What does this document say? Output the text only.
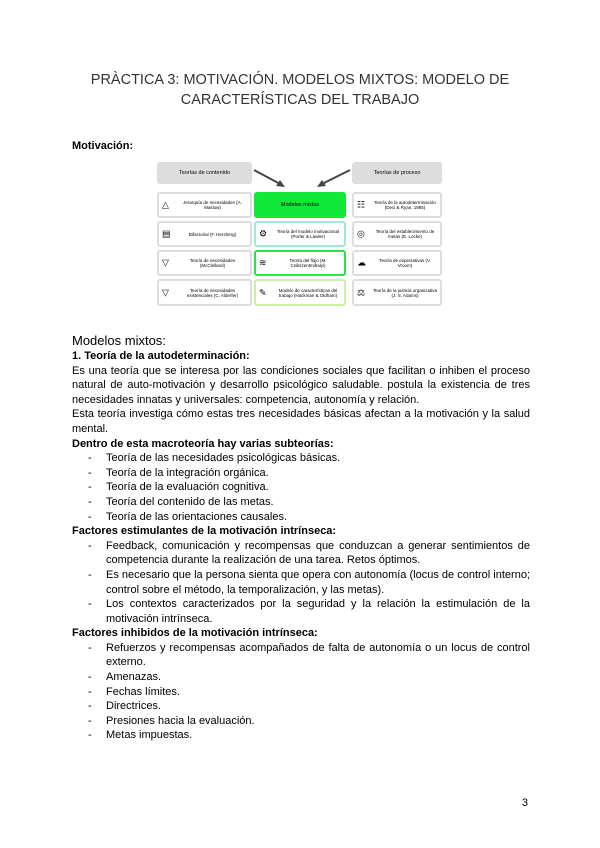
PRÀCTICA 3: MOTIVACIÓN. MODELOS MIXTOS: MODELO DE CARACTERÍSTICAS DEL TRABAJO
Motivación:
Teorías de contenido	Teorías de proceso
△	Jerarquía de necesidades (A. Maslow)
▤	Bifactorial (F. Herzberg)
▽	Teoría de necesidades (McClelland)
▽	Teoría de necesidades existenciales (C. Alderfer)
Modelos mixtos
⚙	Teoría del modelo motivacional (Porter & Lawler)
≋	Teoría del flujo (M. Csikszentmihalyi)
✎	Modelo de características del trabajo (Hackman & Oldham)
☷	Teoría de la autodeterminación (Deci & Ryan, 1985)
◎	Teoría del establecimiento de metas (E. Locke)
☁	Teoría de expectativas (V. Vroom)
⚖ Teoría de la justicia organizativa (J. S. Adams)
Modelos mixtos:

1. Teoría de la autodeterminación:

Es una teoría que se interesa por las condiciones sociales que facilitan o inhiben el proceso natural de auto-motivación y desarrollo psicológico saludable. postula la existencia de tres necesidades innatas y universales: competencia, autonomía y relación.

Esta teoría investiga cómo estas tres necesidades básicas afectan a la motivación y la salud mental.

Dentro de esta macroteoría hay varias subteorías:

- Teoría de las necesidades psicológicas básicas.
- Teoría de la integración orgánica.
- Teoría de la evaluación cognitiva.
- Teoría del contenido de las metas.
- Teoría de las orientaciones causales.

Factores estimulantes de la motivación intrínseca:

- Feedback, comunicación y recompensas que conduzcan a generar sentimientos de competencia durante la realización de una tarea. Retos óptimos.
- Es necesario que la persona sienta que opera con autonomía (locus de control interno; control sobre el método, la temporalización, y las metas).
- Los contextos caracterizados por la seguridad y la relación la estimulación de la motivación intrínseca.

Factores inhibidos de la motivación intrínseca:

- Refuerzos y recompensas acompañados de falta de autonomía o un locus de control externo.
- Amenazas.
- Fechas límites.
- Directrices.
- Presiones hacia la evaluación.
- Metas impuestas.
3
